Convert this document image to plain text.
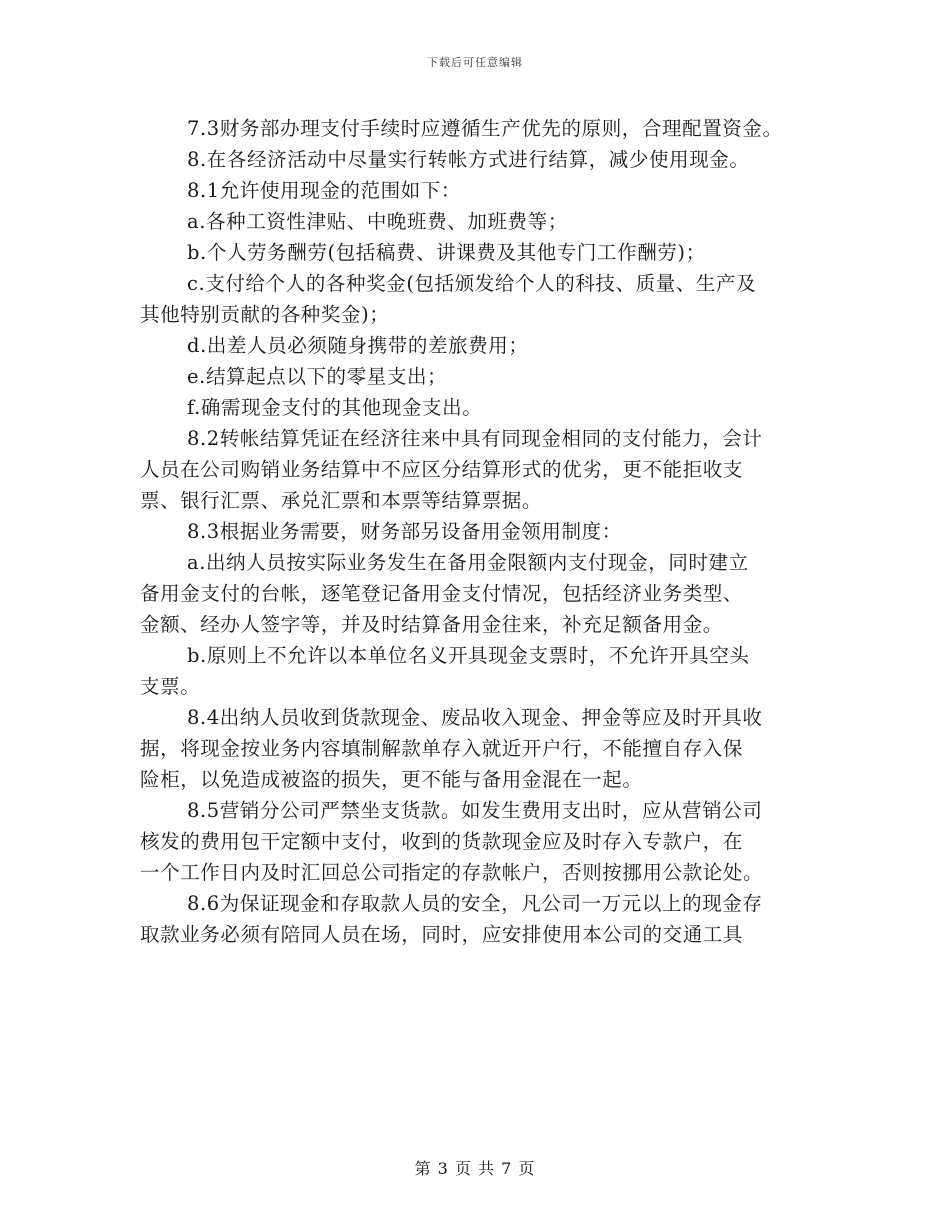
下载后可任意编辑
7.3财务部办理支付手续时应遵循生产优先的原则，合理配置资金。
8.在各经济活动中尽量实行转帐方式进行结算，减少使用现金。
8.1允许使用现金的范围如下：
a.各种工资性津贴、中晚班费、加班费等；
b.个人劳务酬劳(包括稿费、讲课费及其他专门工作酬劳)；
c.支付给个人的各种奖金(包括颁发给个人的科技、质量、生产及
其他特别贡献的各种奖金)；
d.出差人员必须随身携带的差旅费用；
e.结算起点以下的零星支出；
f.确需现金支付的其他现金支出。
8.2转帐结算凭证在经济往来中具有同现金相同的支付能力，会计
人员在公司购销业务结算中不应区分结算形式的优劣，更不能拒收支
票、银行汇票、承兑汇票和本票等结算票据。
8.3根据业务需要，财务部另设备用金领用制度：
a.出纳人员按实际业务发生在备用金限额内支付现金，同时建立
备用金支付的台帐，逐笔登记备用金支付情况，包括经济业务类型、
金额、经办人签字等，并及时结算备用金往来，补充足额备用金。
b.原则上不允许以本单位名义开具现金支票时，不允许开具空头
支票。
8.4出纳人员收到货款现金、废品收入现金、押金等应及时开具收
据，将现金按业务内容填制解款单存入就近开户行，不能擅自存入保
险柜，以免造成被盗的损失，更不能与备用金混在一起。
8.5营销分公司严禁坐支货款。如发生费用支出时，应从营销公司
核发的费用包干定额中支付，收到的货款现金应及时存入专款户，在
一个工作日内及时汇回总公司指定的存款帐户，否则按挪用公款论处。
8.6为保证现金和存取款人员的安全，凡公司一万元以上的现金存
取款业务必须有陪同人员在场，同时，应安排使用本公司的交通工具
第 3 页 共 7 页
